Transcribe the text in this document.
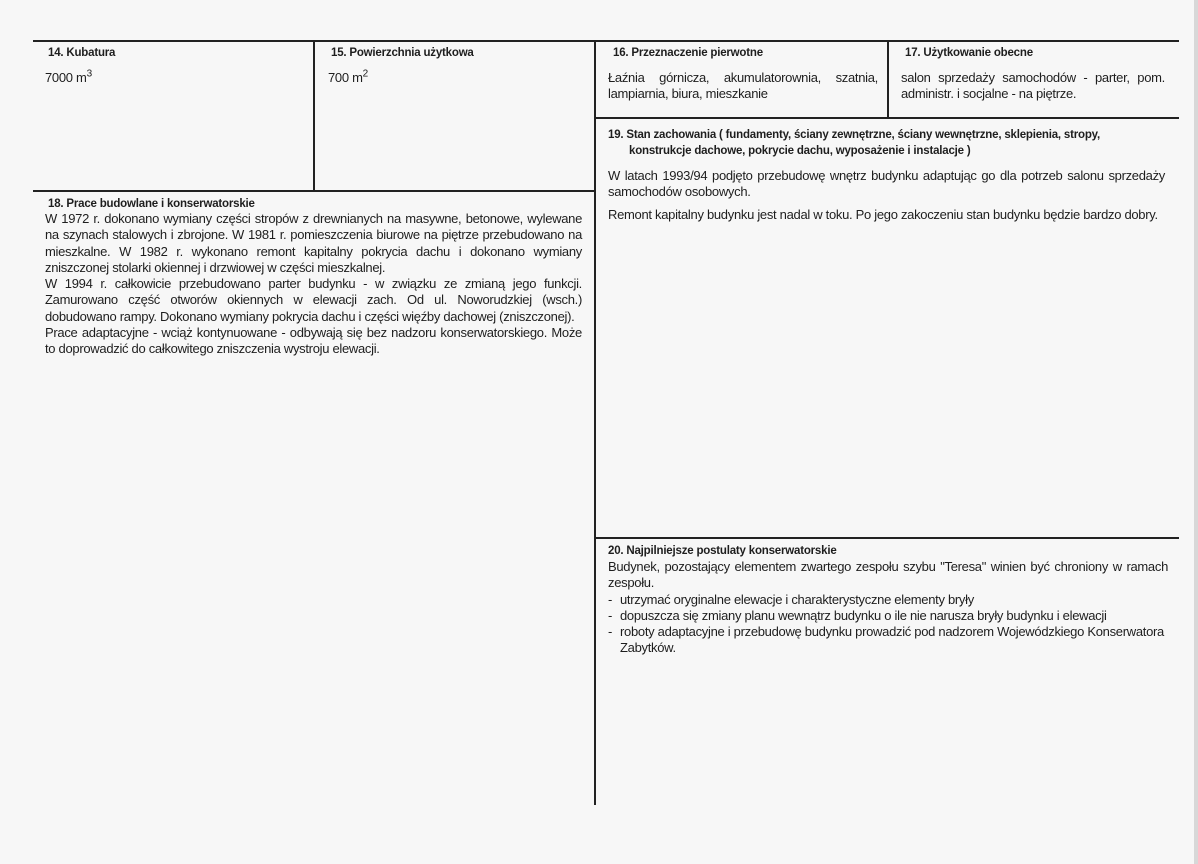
14. Kubatura
7000 $m^3$
15. Powierzchnia użytkowa
700 $m^2$
16. Przeznaczenie pierwotne
Łaźnia górnicza, akumulatorownia, szatnia, lampiarnia, biura, mieszkanie
17. Użytkowanie obecne
salon sprzedaży samochodów - parter, pom. administr. i socjalne - na piętrze.
19. Stan zachowania ( fundamenty, ściany zewnętrzne, ściany wewnętrzne, sklepienia, stropy,
konstrukcje dachowe, pokrycie dachu, wyposażenie i instalacje )

W latach 1993/94 podjęto przebudowę wnętrz budynku adaptując go dla potrzeb salonu sprzedaży samochodów osobowych.

Remont kapitalny budynku jest nadal w toku. Po jego zakoczeniu stan budynku będzie bardzo dobry.

18. Prace budowlane i konserwatorskie

W 1972 r. dokonano wymiany części stropów z drewnianych na masywne, betonowe, wylewane na szynach stalowych i zbrojone. W 1981 r. pomieszczenia biurowe na piętrze przebudowano na mieszkalne. W 1982 r. wykonano remont kapitalny pokrycia dachu i dokonano wymiany zniszczonej stolarki okiennej i drzwiowej w części mieszkalnej.

W 1994 r. całkowicie przebudowano parter budynku - w związku ze zmianą jego funkcji. Zamurowano część otworów okiennych w elewacji zach. Od ul. Noworudzkiej (wsch.) dobudowano rampy. Dokonano wymiany pokrycia dachu i części więźby dachowej (zniszczonej).

Prace adaptacyjne - wciąż kontynuowane - odbywają się bez nadzoru konserwatorskiego. Może to doprowadzić do całkowitego zniszczenia wystroju elewacji.

20. Najpilniejsze postulaty konserwatorskie

Budynek, pozostający elementem zwartego zespołu szybu "Teresa" winien być chroniony w ramach zespołu.

- utrzymać oryginalne elewacje i charakterystyczne elementy bryły
- dopuszcza się zmiany planu wewnątrz budynku o ile nie narusza bryły budynku i elewacji
- roboty adaptacyjne i przebudowę budynku prowadzić pod nadzorem Wojewódzkiego Konserwatora Zabytków.
